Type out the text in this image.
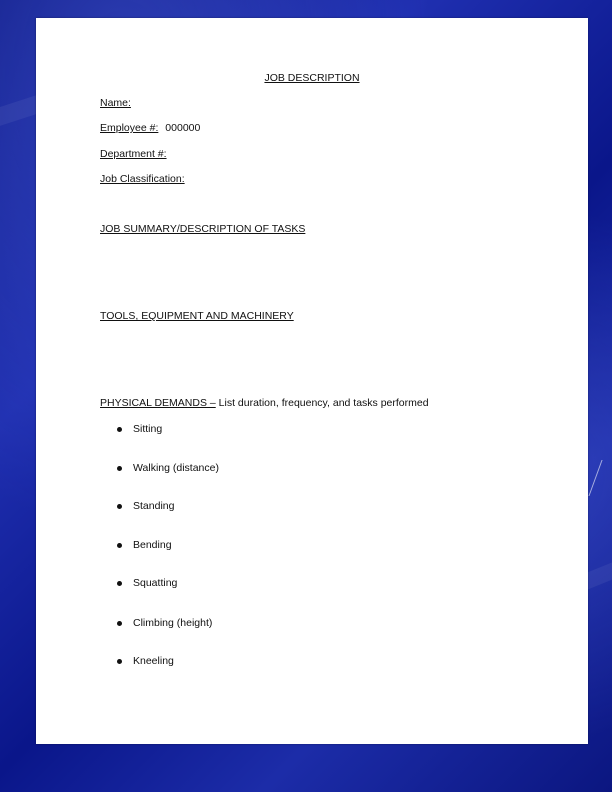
JOB DESCRIPTION
Name:
Employee #: 000000
Department #:
Job Classification:
JOB SUMMARY/DESCRIPTION OF TASKS
TOOLS, EQUIPMENT AND MACHINERY
PHYSICAL DEMANDS – List duration, frequency, and tasks performed
Sitting
Walking (distance)
Standing
Bending
Squatting
Climbing (height)
Kneeling
